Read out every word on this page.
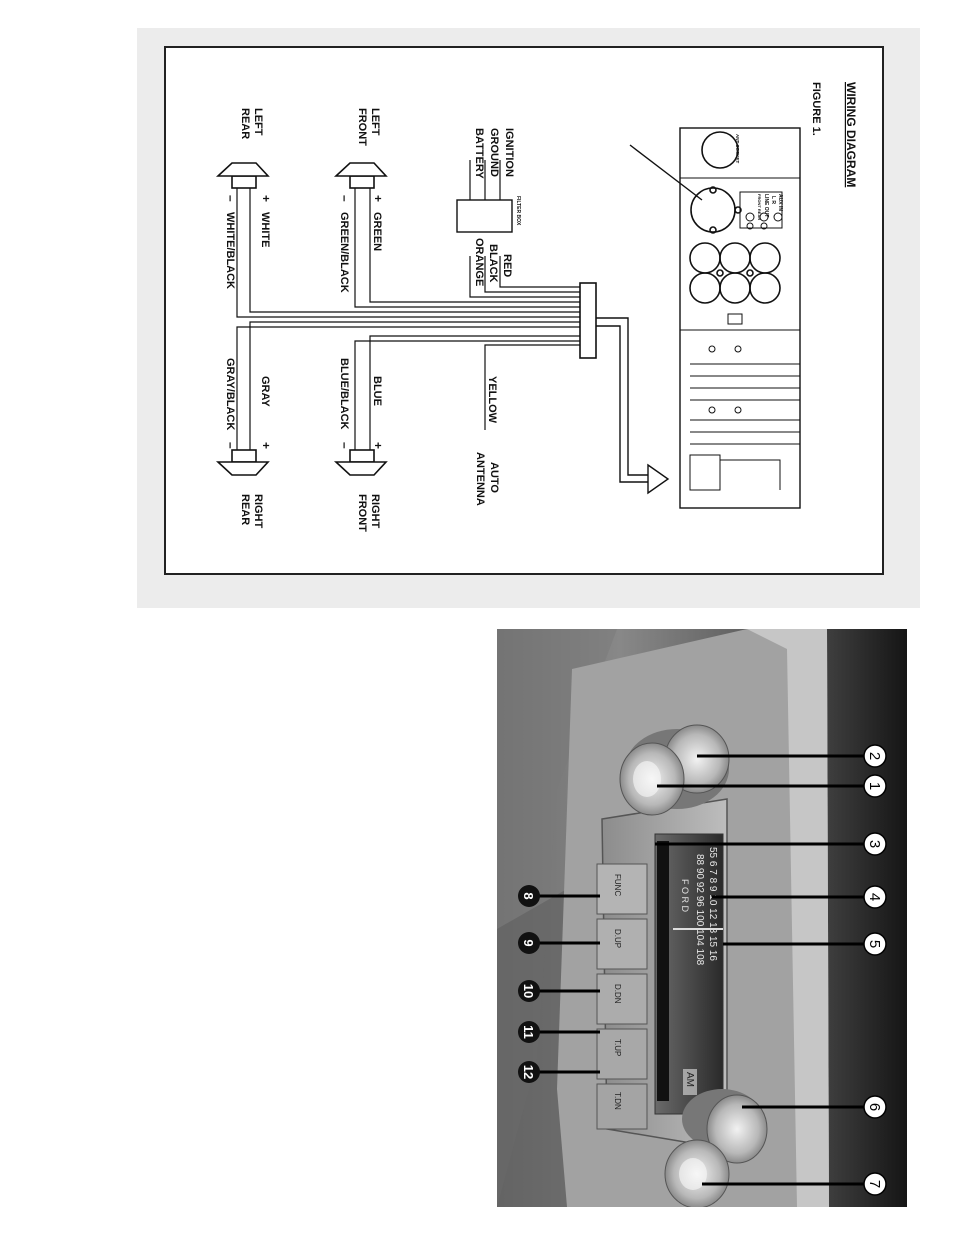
WIRING DIAGRAM
FIGURE 1.
ANT SOCKET
AUX IN
L R
LINE OUT
FRONT REAR
FILTER BOX
IGNITION
GROUND
BATTERY
RED
BLACK
ORANGE
YELLOW
AUTO
ANTENNA
LEFT
FRONT
+
GREEN
–
GREEN/BLACK
LEFT
REAR
+
WHITE
–
WHITE/BLACK
BLUE
+
BLUE/BLACK
–
RIGHT
FRONT
GRAY
+
GRAY/BLACK
–
RIGHT
REAR
55 6 7 8 9 10 12 13 15 16
88 90 92 96 100 104 108
F O R D
AM
FUNC
D.UP
D.DN
T.UP
T.DN
2
1
3
4
5
6
7
8
9
10
11
12
